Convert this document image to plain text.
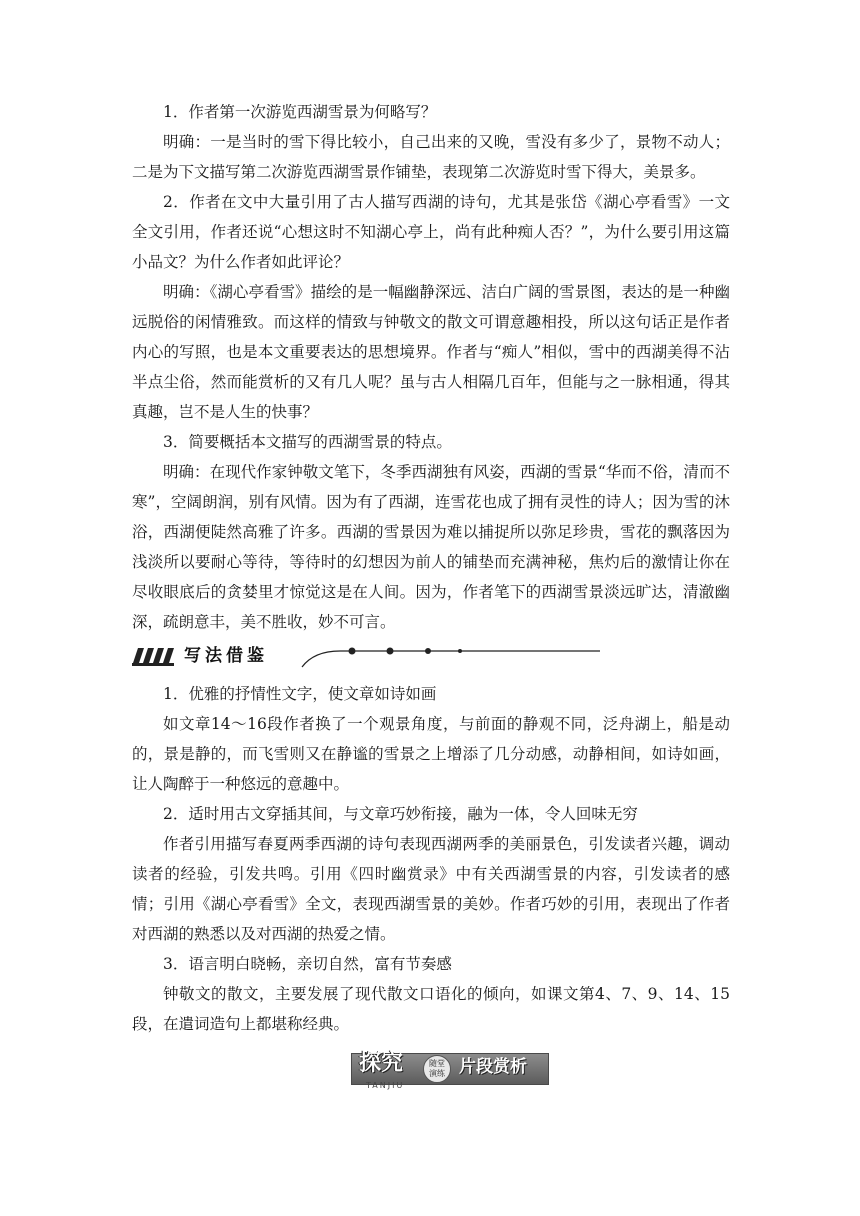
1．作者第一次游览西湖雪景为何略写？

明确：一是当时的雪下得比较小，自己出来的又晚，雪没有多少了，景物不动人；二是为下文描写第二次游览西湖雪景作铺垫，表现第二次游览时雪下得大，美景多。

2．作者在文中大量引用了古人描写西湖的诗句，尤其是张岱《湖心亭看雪》一文全文引用，作者还说“心想这时不知湖心亭上，尚有此种痴人否？”，为什么要引用这篇小品文？为什么作者如此评论？

明确：《湖心亭看雪》描绘的是一幅幽静深远、洁白广阔的雪景图，表达的是一种幽远脱俗的闲情雅致。而这样的情致与钟敬文的散文可谓意趣相投，所以这句话正是作者内心的写照，也是本文重要表达的思想境界。作者与“痴人”相似，雪中的西湖美得不沾半点尘俗，然而能赏析的又有几人呢？虽与古人相隔几百年，但能与之一脉相通，得其真趣，岂不是人生的快事？

3．简要概括本文描写的西湖雪景的特点。

明确：在现代作家钟敬文笔下，冬季西湖独有风姿，西湖的雪景“华而不俗，清而不寒”，空阔朗润，别有风情。因为有了西湖，连雪花也成了拥有灵性的诗人；因为雪的沐浴，西湖便陡然高雅了许多。西湖的雪景因为难以捕捉所以弥足珍贵，雪花的飘落因为浅淡所以要耐心等待，等待时的幻想因为前人的铺垫而充满神秘，焦灼后的激情让你在尽收眼底后的贪婪里才惊觉这是在人间。因为，作者笔下的西湖雪景淡远旷达，清澈幽深，疏朗意丰，美不胜收，妙不可言。

写法借鉴

1．优雅的抒情性文字，使文章如诗如画

如文章14～16段作者换了一个观景角度，与前面的静观不同，泛舟湖上，船是动的，景是静的，而飞雪则又在静谧的雪景之上增添了几分动感，动静相间，如诗如画，让人陶醉于一种悠远的意趣中。

2．适时用古文穿插其间，与文章巧妙衔接，融为一体，令人回味无穷

作者引用描写春夏两季西湖的诗句表现西湖两季的美丽景色，引发读者兴趣，调动读者的经验，引发共鸣。引用《四时幽赏录》中有关西湖雪景的内容，引发读者的感情；引用《湖心亭看雪》全文，表现西湖雪景的美妙。作者巧妙的引用，表现出了作者对西湖的熟悉以及对西湖的热爱之情。

3．语言明白晓畅，亲切自然，富有节奏感

钟敬文的散文，主要发展了现代散文口语化的倾向，如课文第4、7、9、14、15段，在遣词造句上都堪称经典。

探究
TANJIU
随堂
演练 片段赏析
